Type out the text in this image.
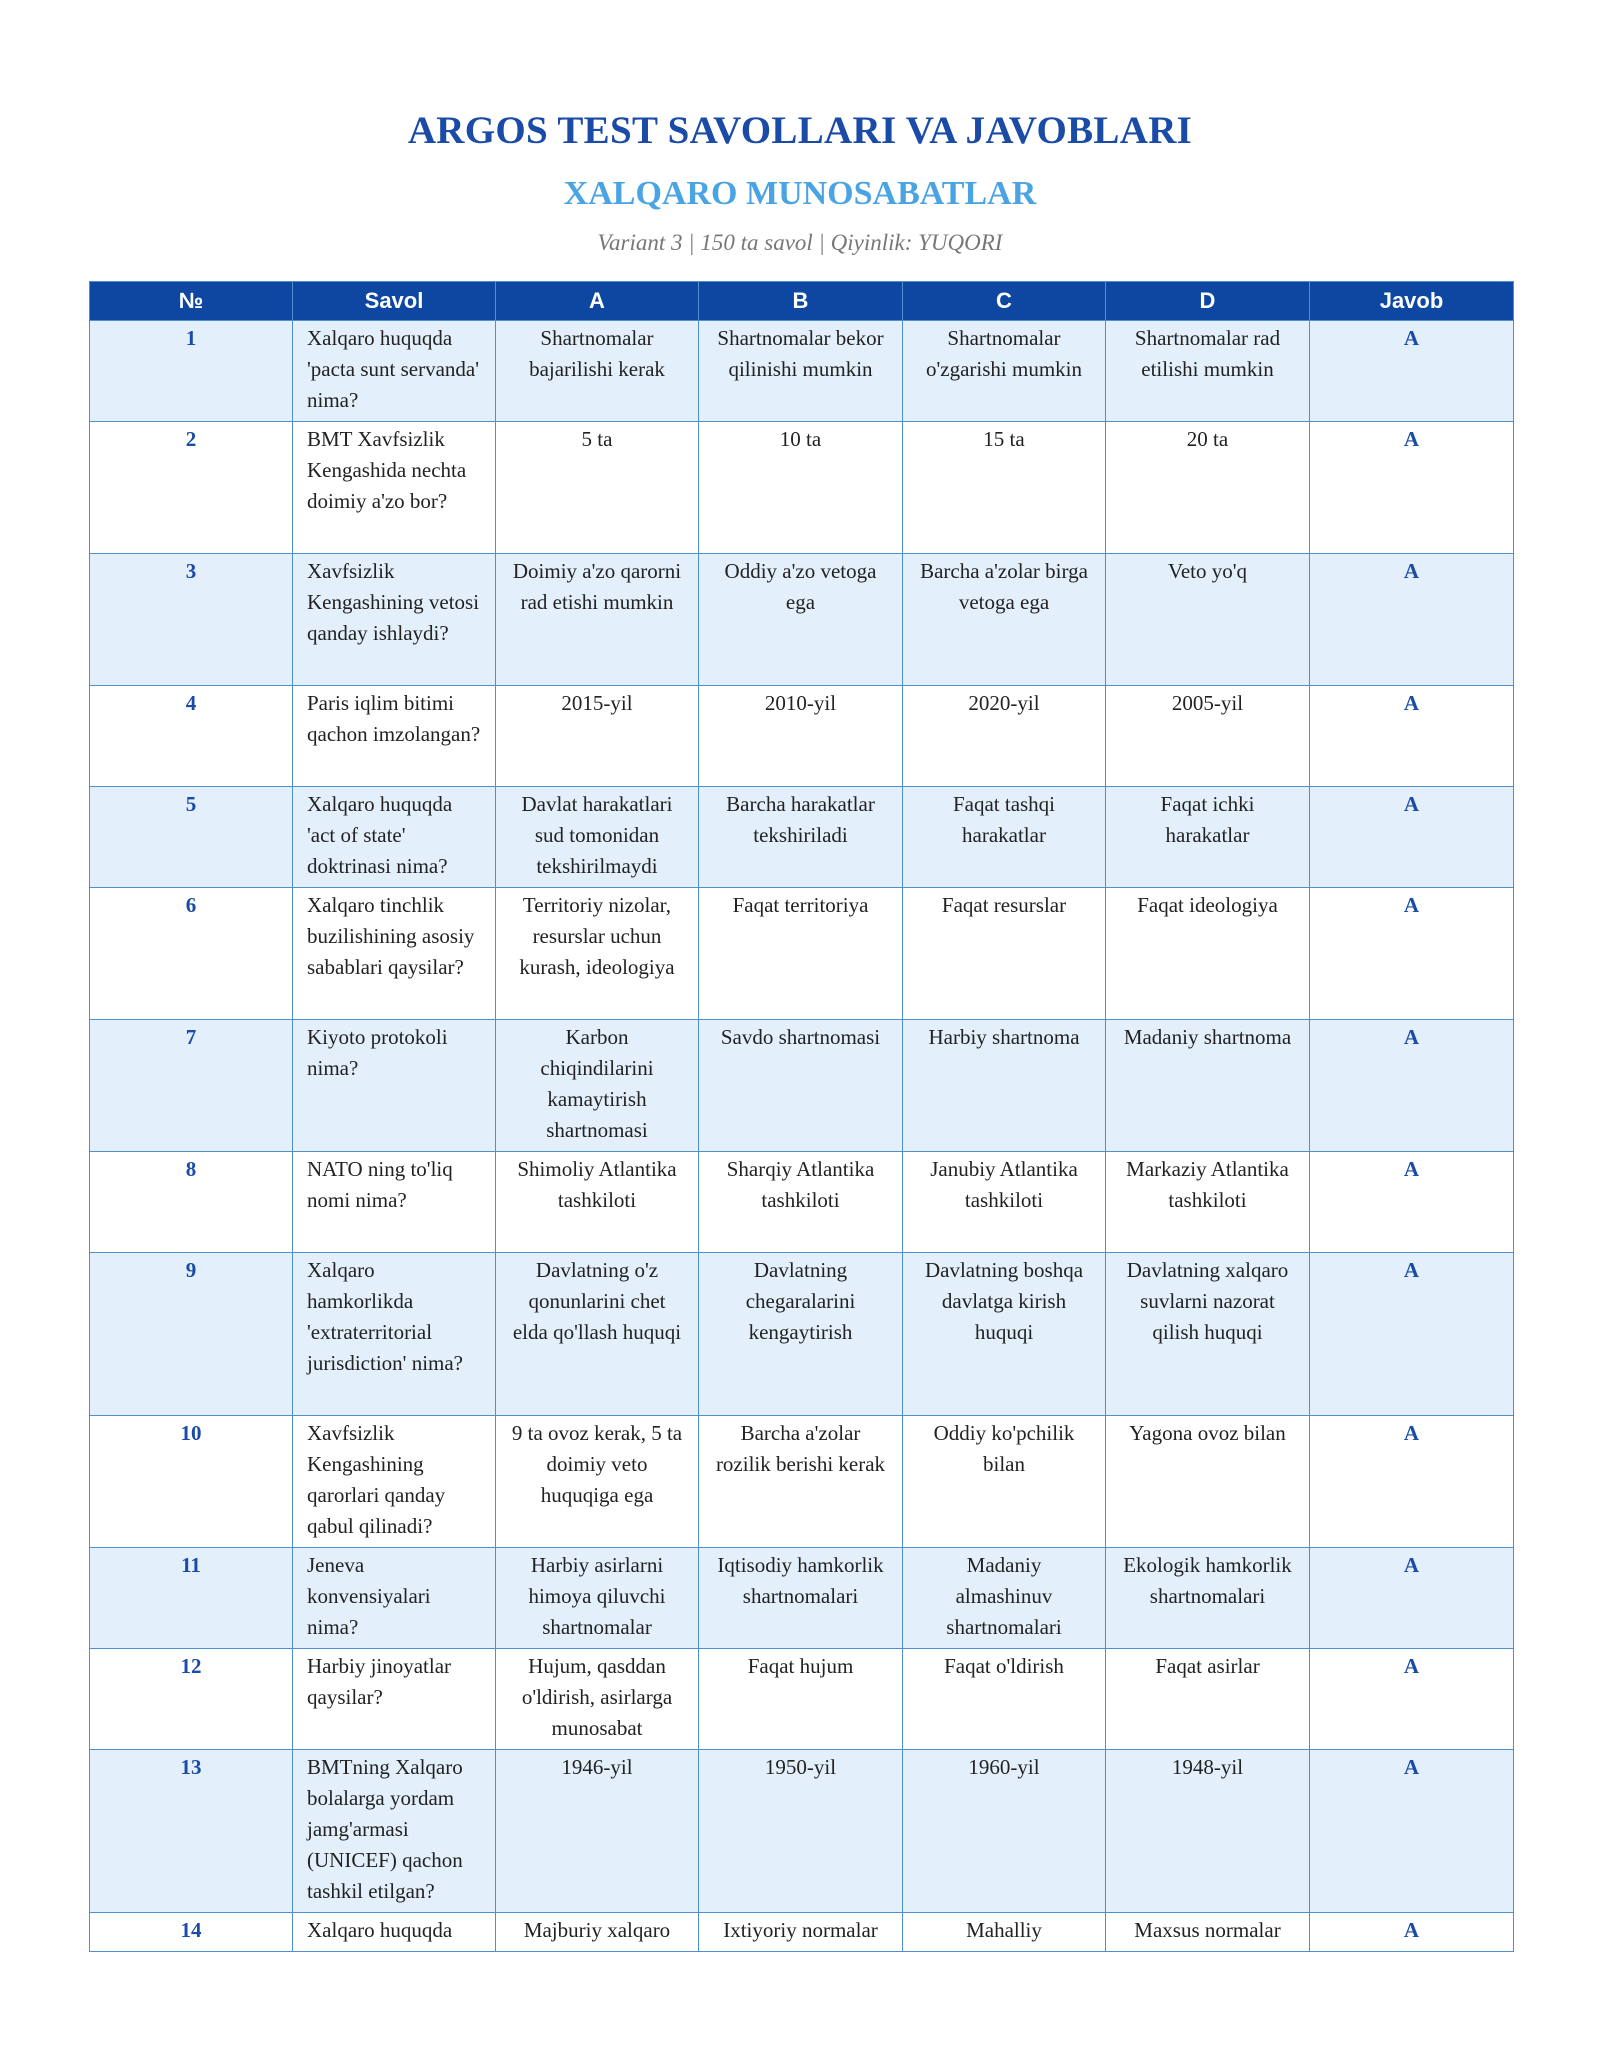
ARGOS TEST SAVOLLARI VA JAVOBLARI
XALQARO MUNOSABATLAR
Variant 3 | 150 ta savol | Qiyinlik: YUQORI
№	Savol	A	B	C	D	Javob
1	Xalqaro huquqda 'pacta sunt servanda' nima?	Shartnomalar bajarilishi kerak	Shartnomalar bekor qilinishi mumkin	Shartnomalar o'zgarishi mumkin	Shartnomalar rad etilishi mumkin	A
2	BMT Xavfsizlik Kengashida nechta doimiy a'zo bor?	5 ta	10 ta	15 ta	20 ta	A
3	Xavfsizlik Kengashining vetosi qanday ishlaydi?	Doimiy a'zo qarorni rad etishi mumkin	Oddiy a'zo vetoga ega	Barcha a'zolar birga vetoga ega	Veto yo'q	A
4	Paris iqlim bitimi qachon imzolangan?	2015-yil	2010-yil	2020-yil	2005-yil	A
5	Xalqaro huquqda 'act of state' doktrinasi nima?	Davlat harakatlari sud tomonidan tekshirilmaydi	Barcha harakatlar tekshiriladi	Faqat tashqi harakatlar	Faqat ichki harakatlar	A
6	Xalqaro tinchlik buzilishining asosiy sabablari qaysilar?	Territoriy nizolar, resurslar uchun kurash, ideologiya	Faqat territoriya	Faqat resurslar	Faqat ideologiya	A
7	Kiyoto protokoli nima?	Karbon chiqindilarini kamaytirish shartnomasi	Savdo shartnomasi	Harbiy shartnoma	Madaniy shartnoma	A
8	NATO ning to'liq nomi nima?	Shimoliy Atlantika tashkiloti	Sharqiy Atlantika tashkiloti	Janubiy Atlantika tashkiloti	Markaziy Atlantika tashkiloti	A
9	Xalqaro hamkorlikda 'extraterritorial jurisdiction' nima?	Davlatning o'z qonunlarini chet elda qo'llash huquqi	Davlatning chegaralarini kengaytirish	Davlatning boshqa davlatga kirish huquqi	Davlatning xalqaro suvlarni nazorat qilish huquqi	A
10	Xavfsizlik Kengashining qarorlari qanday qabul qilinadi?	9 ta ovoz kerak, 5 ta doimiy veto huquqiga ega	Barcha a'zolar rozilik berishi kerak	Oddiy ko'pchilik bilan	Yagona ovoz bilan	A
11	Jeneva konvensiyalari nima?	Harbiy asirlarni himoya qiluvchi shartnomalar	Iqtisodiy hamkorlik shartnomalari	Madaniy almashinuv shartnomalari	Ekologik hamkorlik shartnomalari	A
12	Harbiy jinoyatlar qaysilar?	Hujum, qasddan o'ldirish, asirlarga munosabat	Faqat hujum	Faqat o'ldirish	Faqat asirlar	A
13	BMTning Xalqaro bolalarga yordam jamg'armasi (UNICEF) qachon tashkil etilgan?	1946-yil	1950-yil	1960-yil	1948-yil	A
14	Xalqaro huquqda	Majburiy xalqaro	Ixtiyoriy normalar	Mahalliy	Maxsus normalar	A
